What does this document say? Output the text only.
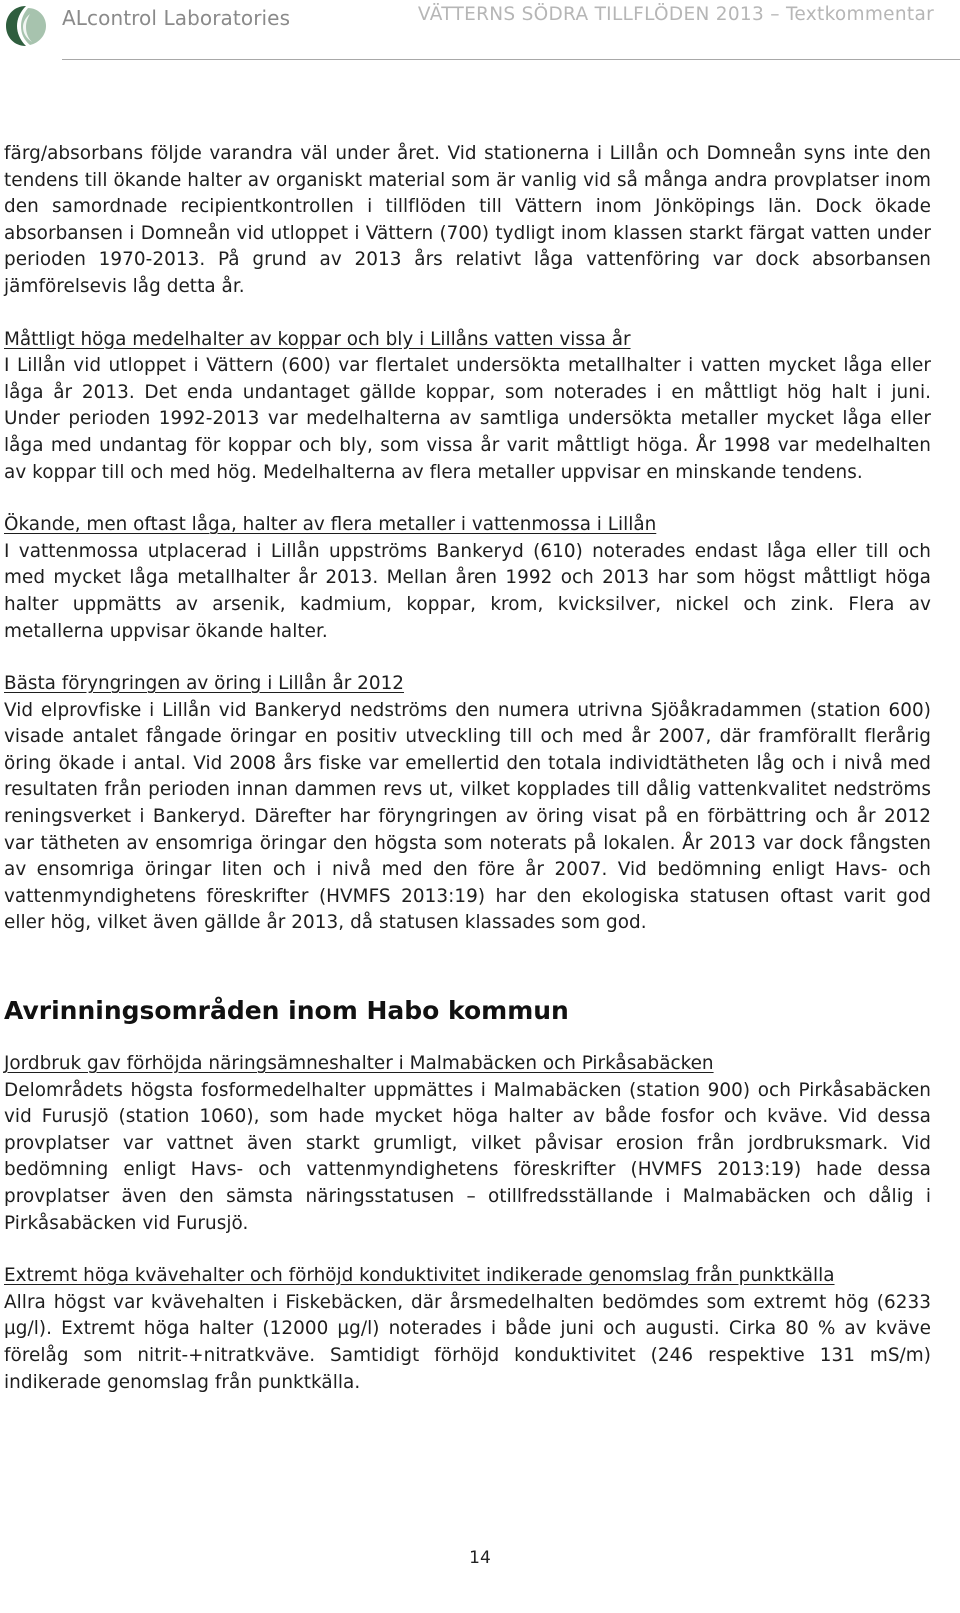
ALcontrol Laboratories	VÄTTERNS SÖDRA TILLFLÖDEN 2013 – Textkommentar

färg/absorbans följde varandra väl under året. Vid stationerna i Lillån och Domneån syns inte den tendens till ökande halter av organiskt material som är vanlig vid så många andra provplatser inom den samordnade recipientkontrollen i tillflöden till Vättern inom Jönköpings län. Dock ökade absorbansen i Domneån vid utloppet i Vättern (700) tydligt inom klassen starkt färgat vatten under perioden 1970-2013. På grund av 2013 års relativt låga vattenföring var dock absorbansen jämförelsevis låg detta år.

Måttligt höga medelhalter av koppar och bly i Lillåns vatten vissa år

I Lillån vid utloppet i Vättern (600) var flertalet undersökta metallhalter i vatten mycket låga eller låga år 2013. Det enda undantaget gällde koppar, som noterades i en måttligt hög halt i juni. Under perioden 1992-2013 var medelhalterna av samtliga undersökta metaller mycket låga eller låga med undantag för koppar och bly, som vissa år varit måttligt höga. År 1998 var medelhalten av koppar till och med hög. Medelhalterna av flera metaller uppvisar en minskande tendens.

Ökande, men oftast låga, halter av flera metaller i vattenmossa i Lillån

I vattenmossa utplacerad i Lillån uppströms Bankeryd (610) noterades endast låga eller till och med mycket låga metallhalter år 2013. Mellan åren 1992 och 2013 har som högst måttligt höga halter uppmätts av arsenik, kadmium, koppar, krom, kvicksilver, nickel och zink. Flera av metallerna uppvisar ökande halter.

Bästa föryngringen av öring i Lillån år 2012

Vid elprovfiske i Lillån vid Bankeryd nedströms den numera utrivna Sjöåkradammen (station 600) visade antalet fångade öringar en positiv utveckling till och med år 2007, där framförallt flerårig öring ökade i antal. Vid 2008 års fiske var emellertid den totala individtätheten låg och i nivå med resultaten från perioden innan dammen revs ut, vilket kopplades till dålig vattenkvalitet nedströms reningsverket i Bankeryd. Därefter har föryngringen av öring visat på en förbättring och år 2012 var tätheten av ensomriga öringar den högsta som noterats på lokalen. År 2013 var dock fångsten av ensomriga öringar liten och i nivå med den före år 2007. Vid bedömning enligt Havs- och vattenmyndighetens föreskrifter (HVMFS 2013:19) har den ekologiska statusen oftast varit god eller hög, vilket även gällde år 2013, då statusen klassades som god.

Avrinningsområden inom Habo kommun

Jordbruk gav förhöjda näringsämneshalter i Malmabäcken och Pirkåsabäcken

Delområdets högsta fosformedelhalter uppmättes i Malmabäcken (station 900) och Pirkåsabäcken vid Furusjö (station 1060), som hade mycket höga halter av både fosfor och kväve. Vid dessa provplatser var vattnet även starkt grumligt, vilket påvisar erosion från jordbruksmark. Vid bedömning enligt Havs- och vattenmyndighetens föreskrifter (HVMFS 2013:19) hade dessa provplatser även den sämsta näringsstatusen – otillfredsställande i Malmabäcken och dålig i Pirkåsabäcken vid Furusjö.

Extremt höga kvävehalter och förhöjd konduktivitet indikerade genomslag från punktkälla

Allra högst var kvävehalten i Fiskebäcken, där årsmedelhalten bedömdes som extremt hög (6233 µg/l). Extremt höga halter (12000 µg/l) noterades i både juni och augusti. Cirka 80 % av kväve förelåg som nitrit-+nitratkväve. Samtidigt förhöjd konduktivitet (246 respektive 131 mS/m) indikerade genomslag från punktkälla.

14
